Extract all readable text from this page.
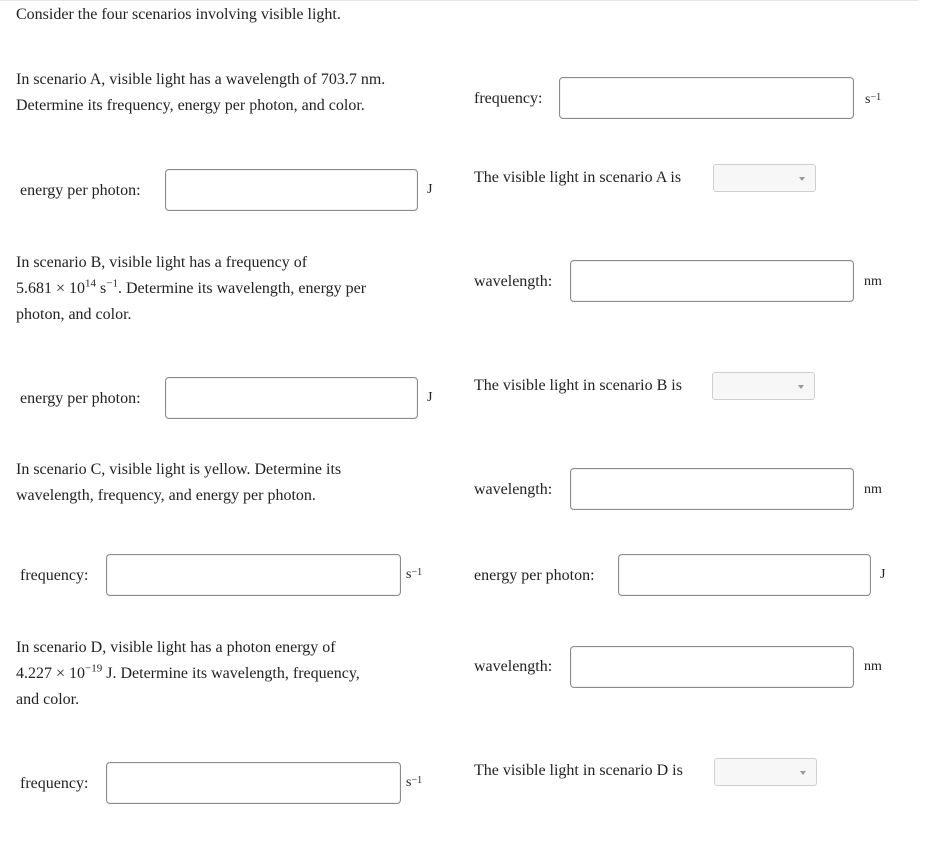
Consider the four scenarios involving visible light.
In scenario A, visible light has a wavelength of 703.7 nm.
Determine its frequency, energy per photon, and color.	frequency:	$s^{-1}$
energy per photon:	J
The visible light in scenario A is
In scenario B, visible light has a frequency of
$5.681 \times 10^{14}$ $s^{-1}$. Determine its wavelength, energy per
photon, and color.
wavelength:	nm
energy per photon:	J
The visible light in scenario B is
In scenario C, visible light is yellow. Determine its
wavelength, frequency, and energy per photon.	wavelength:	nm
frequency:	$s^{-1}$	energy per photon:	J
In scenario D, visible light has a photon energy of
$4.227 \times 10^{-19}$ J. Determine its wavelength, frequency,
and color.
wavelength:	nm
frequency:	$s^{-1}$
The visible light in scenario D is
